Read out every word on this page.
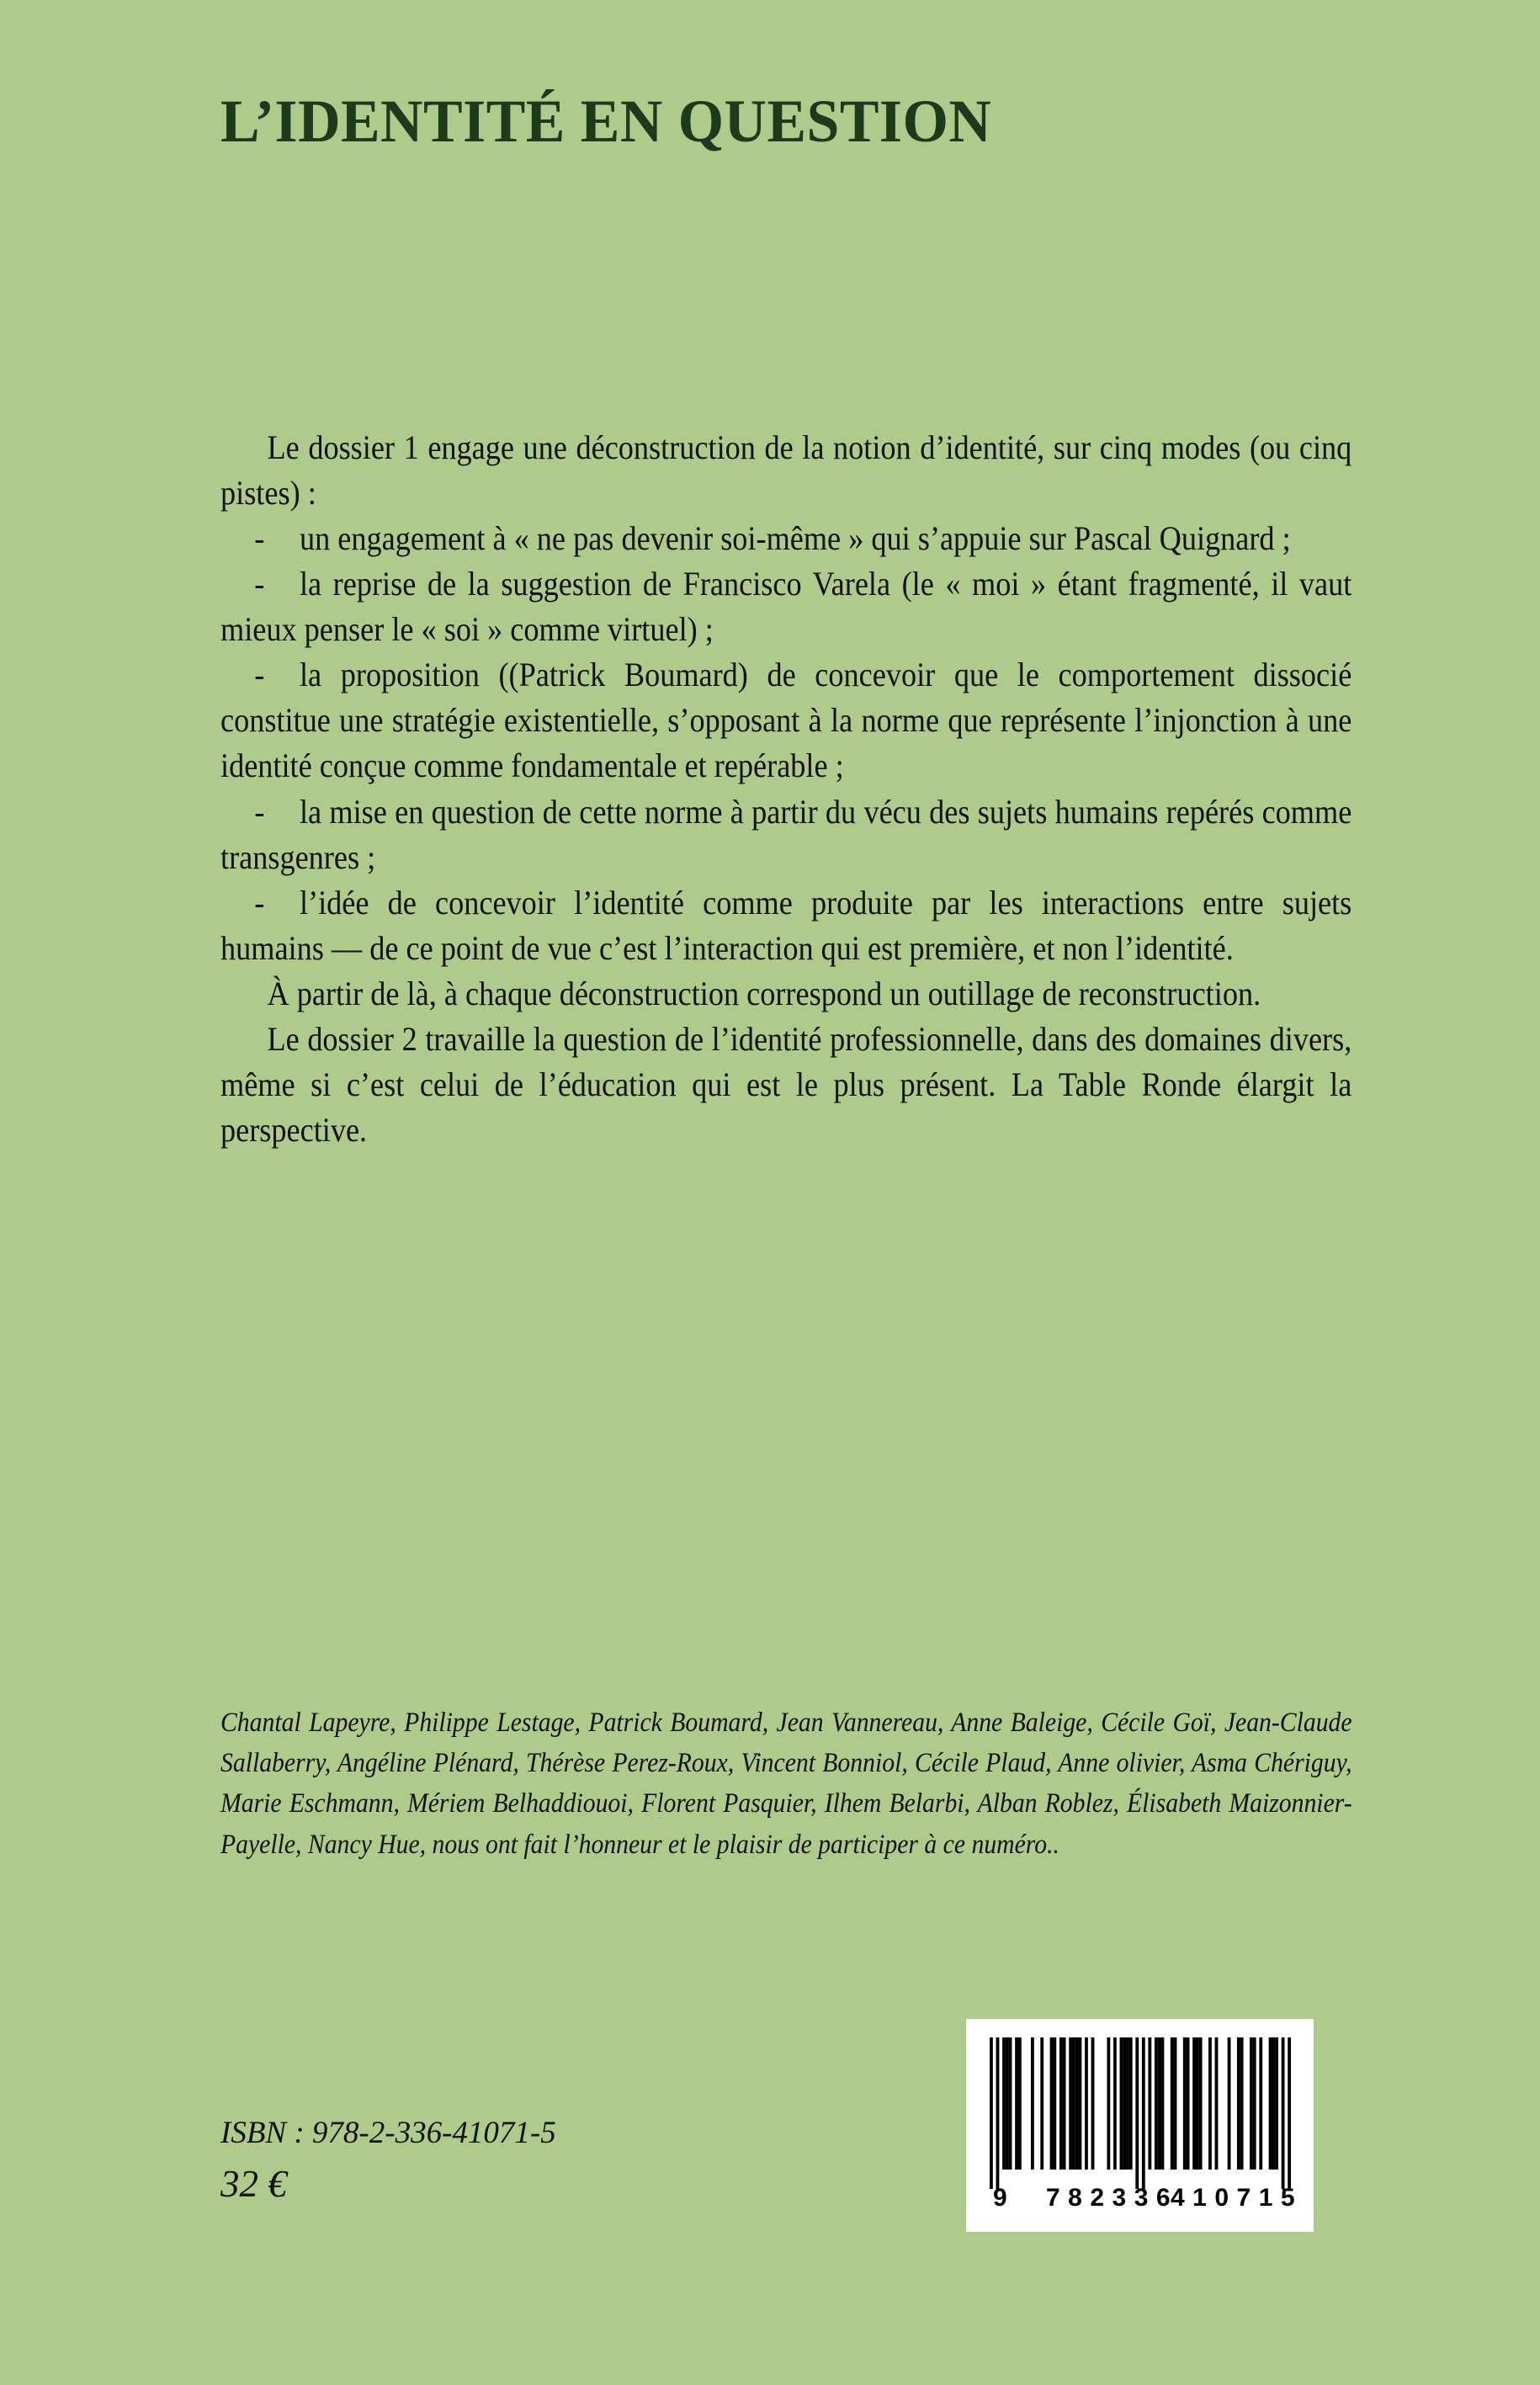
L’IDENTITÉ EN QUESTION

Le dossier 1 engage une déconstruction de la notion d’identité, sur cinq modes (ou cinq pistes) :

- un engagement à « ne pas devenir soi-même » qui s’appuie sur Pascal Quignard ;

- la reprise de la suggestion de Francisco Varela (le « moi » étant fragmenté, il vaut mieux penser le « soi » comme virtuel) ;

- la proposition ((Patrick Boumard) de concevoir que le comportement dissocié constitue une stratégie existentielle, s’opposant à la norme que représente l’injonction à une identité conçue comme fondamentale et repérable ;

- la mise en question de cette norme à partir du vécu des sujets humains repérés comme transgenres ;

- l’idée de concevoir l’identité comme produite par les interactions entre sujets humains — de ce point de vue c’est l’interaction qui est première, et non l’identité.

À partir de là, à chaque déconstruction correspond un outillage de reconstruction.

Le dossier 2 travaille la question de l’identité professionnelle, dans des domaines divers, même si c’est celui de l’éducation qui est le plus présent. La Table Ronde élargit la perspective.

Chantal Lapeyre, Philippe Lestage, Patrick Boumard, Jean Vannereau, Anne Baleige, Cécile Goï, Jean-Claude Sallaberry, Angéline Plénard, Thérèse Perez-Roux, Vincent Bonniol, Cécile Plaud, Anne olivier, Asma Chériguy, Marie Eschmann, Mériem Belhaddiouoi, Florent Pasquier, Ilhem Belarbi, Alban Roblez, Élisabeth Maizonnier-Payelle, Nancy Hue, nous ont fait l’honneur et le plaisir de participer à ce numéro..

ISBN : 978-2-336-41071-5

32 €	9 782336
410715
